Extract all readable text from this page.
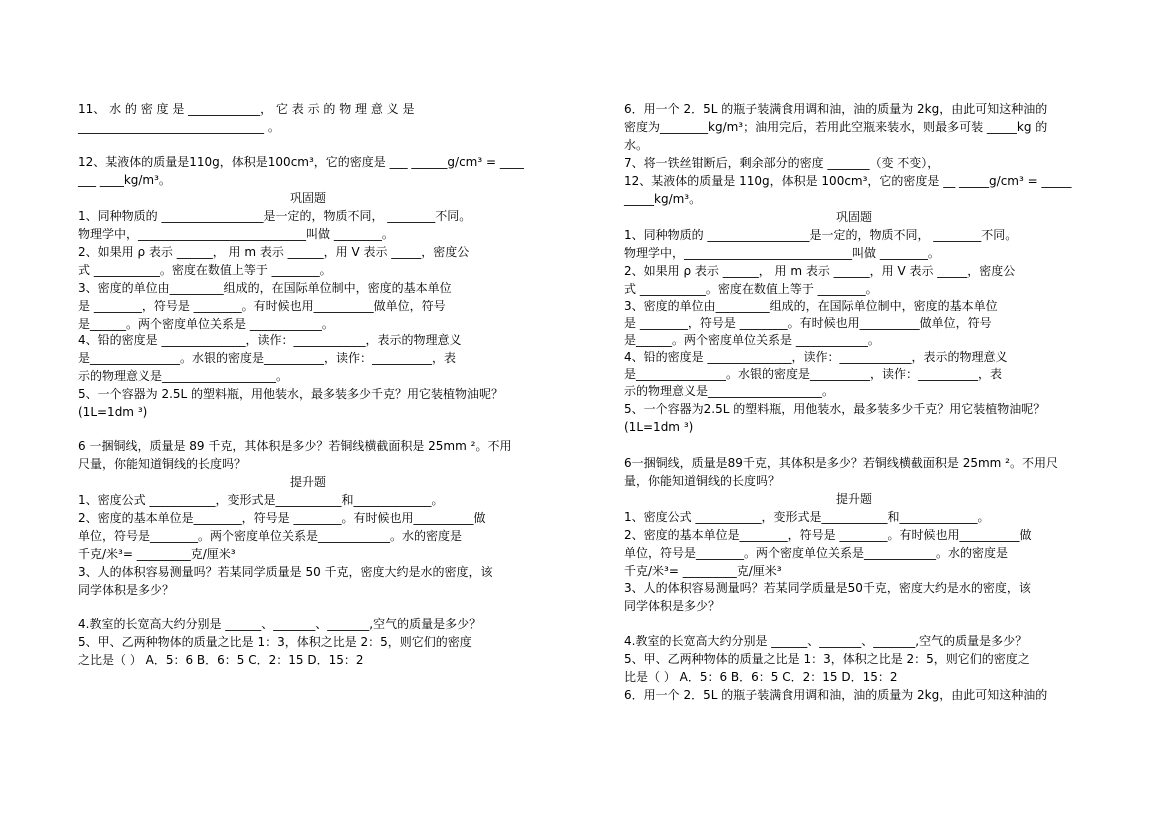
11、 水 的 密 度 是 ____________， 它 表 示 的 物 理 意 义 是
_______________________________ 。
12、某液体的质量是110g，体积是100cm³，它的密度是 ___ ______g/cm³ = ____
___ ____kg/m³。
巩固题
1、同种物质的 _________________是一定的，物质不同， ________不同。
物理学中，____________________________叫做 ________。
2、如果用 ρ 表示 ______， 用 m 表示 ______，用 V 表示 _____，密度公
式 ___________。密度在数值上等于 ________。
3、密度的单位由_________组成的，在国际单位制中，密度的基本单位
是 ________，符号是 ________。有时候也用__________做单位，符号
是______。两个密度单位关系是 ____________。
4、铅的密度是 ______________，读作：____________，表示的物理意义
是_______________。水银的密度是__________，读作：__________，表
示的物理意义是___________________。
5、一个容器为 2.5L 的塑料瓶，用他装水，最多装多少千克？用它装植物油呢？
(1L=1dm ³)
6 一捆铜线，质量是 89 千克，其体积是多少？若铜线横截面积是 25mm ²。不用
尺量，你能知道铜线的长度吗？
提升题
1、密度公式 ___________，变形式是___________和_____________。
2、密度的基本单位是________，符号是 ________。有时候也用__________做
单位，符号是________。两个密度单位关系是____________。水的密度是
千克/米³= _________克/厘米³
3、人的体积容易测量吗？若某同学质量是 50 千克，密度大约是水的密度，该
同学体积是多少？
4.教室的长宽高大约分别是 ______、_______、_______,空气的质量是多少？
5、甲、乙两种物体的质量之比是 1：3，体积之比是 2：5，则它们的密度
之比是（ ） A．5：6 B．6：5 C．2：15 D．15：2
6．用一个 2．5L 的瓶子装满食用调和油，油的质量为 2kg，由此可知这种油的
密度为________kg/m³；油用完后，若用此空瓶来装水，则最多可装 _____kg 的
水。
7、将一铁丝钳断后，剩余部分的密度 _______（变 不变），
12、某液体的质量是 110g，体积是 100cm³，它的密度是 __ _____g/cm³ = _____
_____kg/m³。
巩固题
1、同种物质的 _________________是一定的，物质不同， ________不同。
物理学中，____________________________叫做 ________。
2、如果用 ρ 表示 ______， 用 m 表示 ______，用 V 表示 _____，密度公
式 ___________。密度在数值上等于 ________。
3、密度的单位由_________组成的，在国际单位制中，密度的基本单位
是 ________，符号是 ________。有时候也用__________做单位，符号
是______。两个密度单位关系是 ____________。
4、铅的密度是 ______________，读作：____________，表示的物理意义
是_______________。水银的密度是__________，读作：__________，表
示的物理意义是___________________。
5、一个容器为2.5L 的塑料瓶，用他装水，最多装多少千克？用它装植物油呢？
(1L=1dm ³)
6一捆铜线，质量是89千克，其体积是多少？若铜线横截面积是 25mm ²。不用尺
量，你能知道铜线的长度吗？
提升题
1、密度公式 ___________，变形式是___________和_____________。
2、密度的基本单位是________，符号是 ________。有时候也用__________做
单位，符号是________。两个密度单位关系是____________。水的密度是
千克/米³= _________克/厘米³
3、人的体积容易测量吗？若某同学质量是50千克，密度大约是水的密度，该
同学体积是多少？
4.教室的长宽高大约分别是 ______、_______、_______,空气的质量是多少？
5、甲、乙两种物体的质量之比是 1：3，体积之比是 2：5，则它们的密度之
比是（ ） A．5：6 B．6：5 C．2：15 D．15：2
6．用一个 2．5L 的瓶子装满食用调和油，油的质量为 2kg，由此可知这种油的
